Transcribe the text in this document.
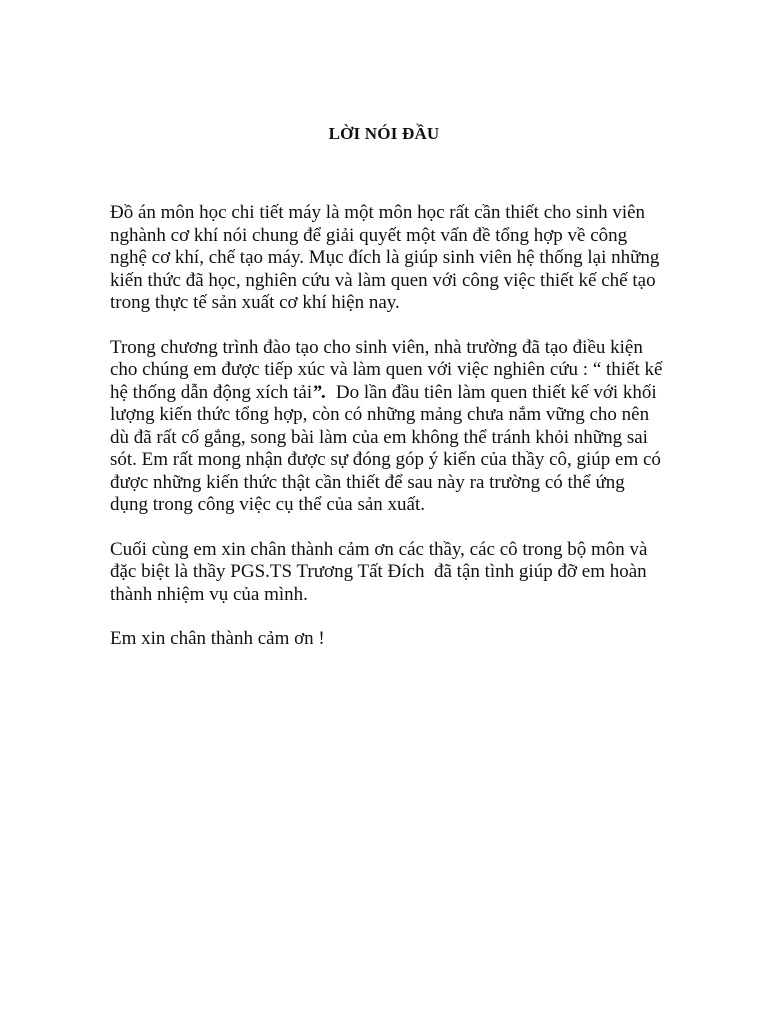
LỜI NÓI ĐẦU

Đồ án môn học chi tiết máy là một môn học rất cần thiết cho sinh viên
nghành cơ khí nói chung để giải quyết một vấn đề tổng hợp về công
nghệ cơ khí, chế tạo máy. Mục đích là giúp sinh viên hệ thống lại những
kiến thức đã học, nghiên cứu và làm quen với công việc thiết kế chế tạo
trong thực tế sản xuất cơ khí hiện nay.

Trong chương trình đào tạo cho sinh viên, nhà trường đã tạo điều kiện
cho chúng em được tiếp xúc và làm quen với việc nghiên cứu : “ thiết kế
hệ thống dẫn động xích tải”.  Do lần đầu tiên làm quen thiết kế với khối
lượng kiến thức tổng hợp, còn có những mảng chưa nắm vững cho nên
dù đã rất cố gắng, song bài làm của em không thể tránh khỏi những sai
sót. Em rất mong nhận được sự đóng góp ý kiến của thầy cô, giúp em có
được những kiến thức thật cần thiết để sau này ra trường có thể ứng
dụng trong công việc cụ thể của sản xuất.

Cuối cùng em xin chân thành cảm ơn các thầy, các cô trong bộ môn và
đặc biệt là thầy PGS.TS Trương Tất Đích  đã tận tình giúp đỡ em hoàn
thành nhiệm vụ của mình.

Em xin chân thành cảm ơn !
